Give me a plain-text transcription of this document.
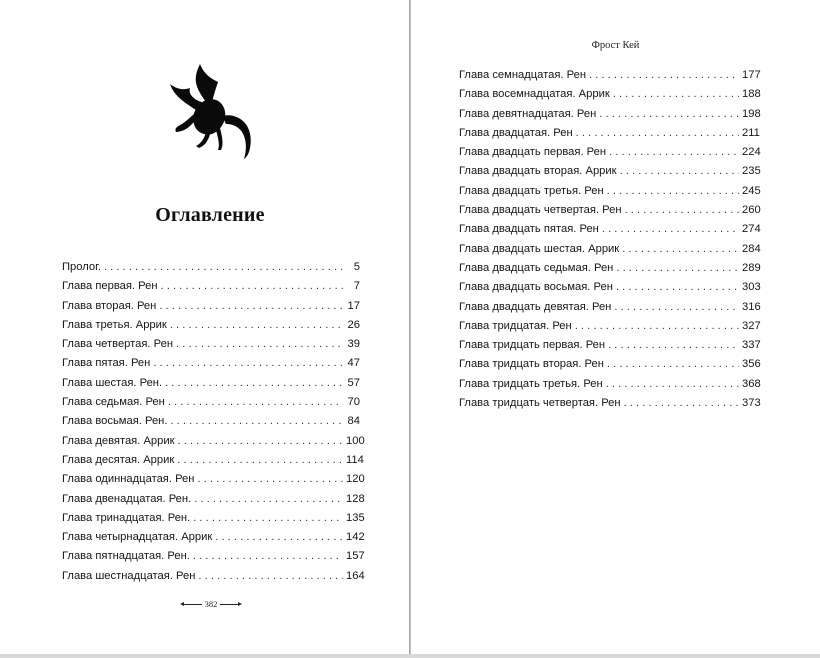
Оглавление
Пролог. . . .	5
Глава первая. Рен . . .	7
Глава вторая. Рен . . .	17
Глава третья. Аррик . . .	26
Глава четвертая. Рен . . .	39
Глава пятая. Рен . . .	47
Глава шестая. Рен. . . .	57
Глава седьмая. Рен . . .	70
Глава восьмая. Рен. . . .	84
Глава девятая. Аррик . . .	100
Глава десятая. Аррик . . .	114
Глава одиннадцатая. Рен . . .	120
Глава двенадцатая. Рен. . . .	128
Глава тринадцатая. Рен. . . .	135
Глава четырнадцатая. Аррик . . .	142
Глава пятнадцатая. Рен. . . .	157
Глава шестнадцатая. Рен . . .	164
382
Фрост Кей
Глава семнадцатая. Рен . . .	177
Глава восемнадцатая. Аррик . . .	188
Глава девятнадцатая. Рен . . .	198
Глава двадцатая. Рен . . .	211
Глава двадцать первая. Рен . . .	224
Глава двадцать вторая. Аррик . . .	235
Глава двадцать третья. Рен . . .	245
Глава двадцать четвертая. Рен . . .	260
Глава двадцать пятая. Рен . . .	274
Глава двадцать шестая. Аррик . . .	284
Глава двадцать седьмая. Рен . . .	289
Глава двадцать восьмая. Рен . . .	303
Глава двадцать девятая. Рен . . .	316
Глава тридцатая. Рен . . .	327
Глава тридцать первая. Рен . . .	337
Глава тридцать вторая. Рен . . .	356
Глава тридцать третья. Рен . . .	368
Глава тридцать четвертая. Рен . . .	373
